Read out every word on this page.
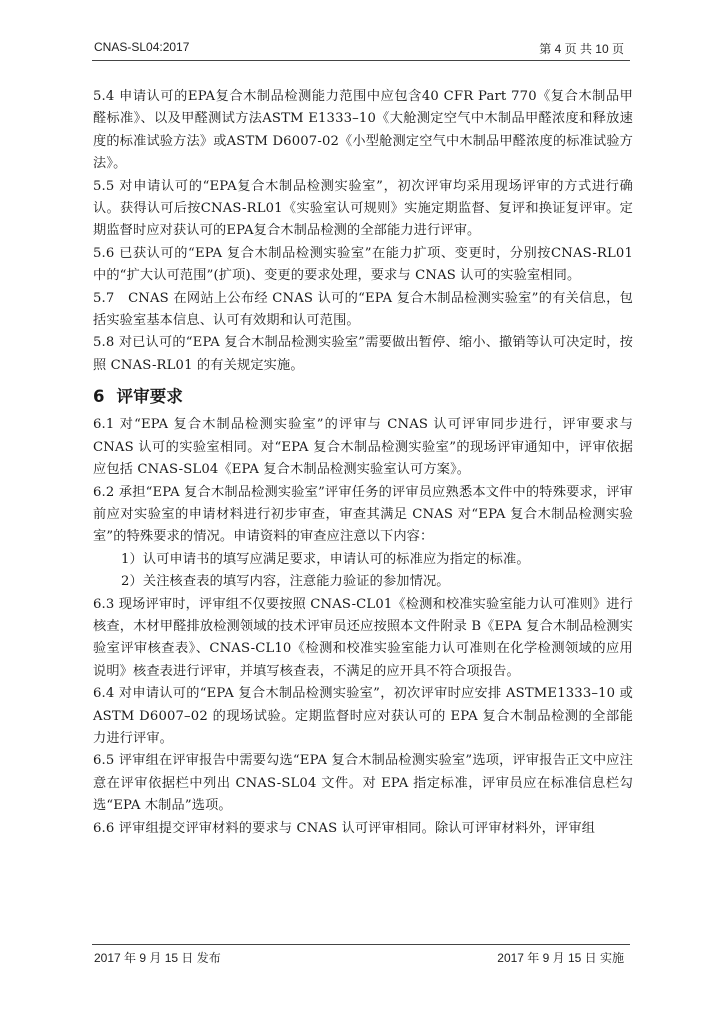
CNAS-SL04:2017	第 4 页 共 10 页

5.4 申请认可的EPA复合木制品检测能力范围中应包含40 CFR Part 770《复合木制品甲醛标准》、以及甲醛测试方法ASTM E1333–10《大舱测定空气中木制品甲醛浓度和释放速度的标准试验方法》或ASTM D6007-02《小型舱测定空气中木制品甲醛浓度的标准试验方法》。

5.5 对申请认可的“EPA复合木制品检测实验室”，初次评审均采用现场评审的方式进行确认。获得认可后按CNAS-RL01《实验室认可规则》实施定期监督、复评和换证复评审。定期监督时应对获认可的EPA复合木制品检测的全部能力进行评审。

5.6 已获认可的“EPA 复合木制品检测实验室”在能力扩项、变更时，分别按CNAS-RL01 中的“扩大认可范围”(扩项)、变更的要求处理，要求与 CNAS 认可的实验室相同。

5.7　CNAS 在网站上公布经 CNAS 认可的“EPA 复合木制品检测实验室”的有关信息，包括实验室基本信息、认可有效期和认可范围。

5.8 对已认可的“EPA 复合木制品检测实验室”需要做出暂停、缩小、撤销等认可决定时，按照 CNAS-RL01 的有关规定实施。

6 评审要求

6.1 对“EPA 复合木制品检测实验室”的评审与 CNAS 认可评审同步进行，评审要求与 CNAS 认可的实验室相同。对“EPA 复合木制品检测实验室”的现场评审通知中，评审依据应包括 CNAS-SL04《EPA 复合木制品检测实验室认可方案》。

6.2 承担“EPA 复合木制品检测实验室”评审任务的评审员应熟悉本文件中的特殊要求，评审前应对实验室的申请材料进行初步审查，审查其满足 CNAS 对“EPA 复合木制品检测实验室”的特殊要求的情况。申请资料的审查应注意以下内容：

1）认可申请书的填写应满足要求，申请认可的标准应为指定的标准。

2）关注核查表的填写内容，注意能力验证的参加情况。

6.3 现场评审时，评审组不仅要按照 CNAS-CL01《检测和校准实验室能力认可准则》进行核查，木材甲醛排放检测领域的技术评审员还应按照本文件附录 B《EPA 复合木制品检测实验室评审核查表》、CNAS-CL10《检测和校准实验室能力认可准则在化学检测领域的应用说明》核查表进行评审，并填写核查表，不满足的应开具不符合项报告。

6.4 对申请认可的“EPA 复合木制品检测实验室”，初次评审时应安排 ASTME1333–10 或 ASTM D6007–02 的现场试验。定期监督时应对获认可的 EPA 复合木制品检测的全部能力进行评审。

6.5 评审组在评审报告中需要勾选“EPA 复合木制品检测实验室”选项，评审报告正文中应注意在评审依据栏中列出 CNAS-SL04 文件。对 EPA 指定标准，评审员应在标准信息栏勾选“EPA 木制品”选项。

6.6 评审组提交评审材料的要求与 CNAS 认可评审相同。除认可评审材料外，评审组

2017 年 9 月 15 日 发布	2017 年 9 月 15 日 实施
